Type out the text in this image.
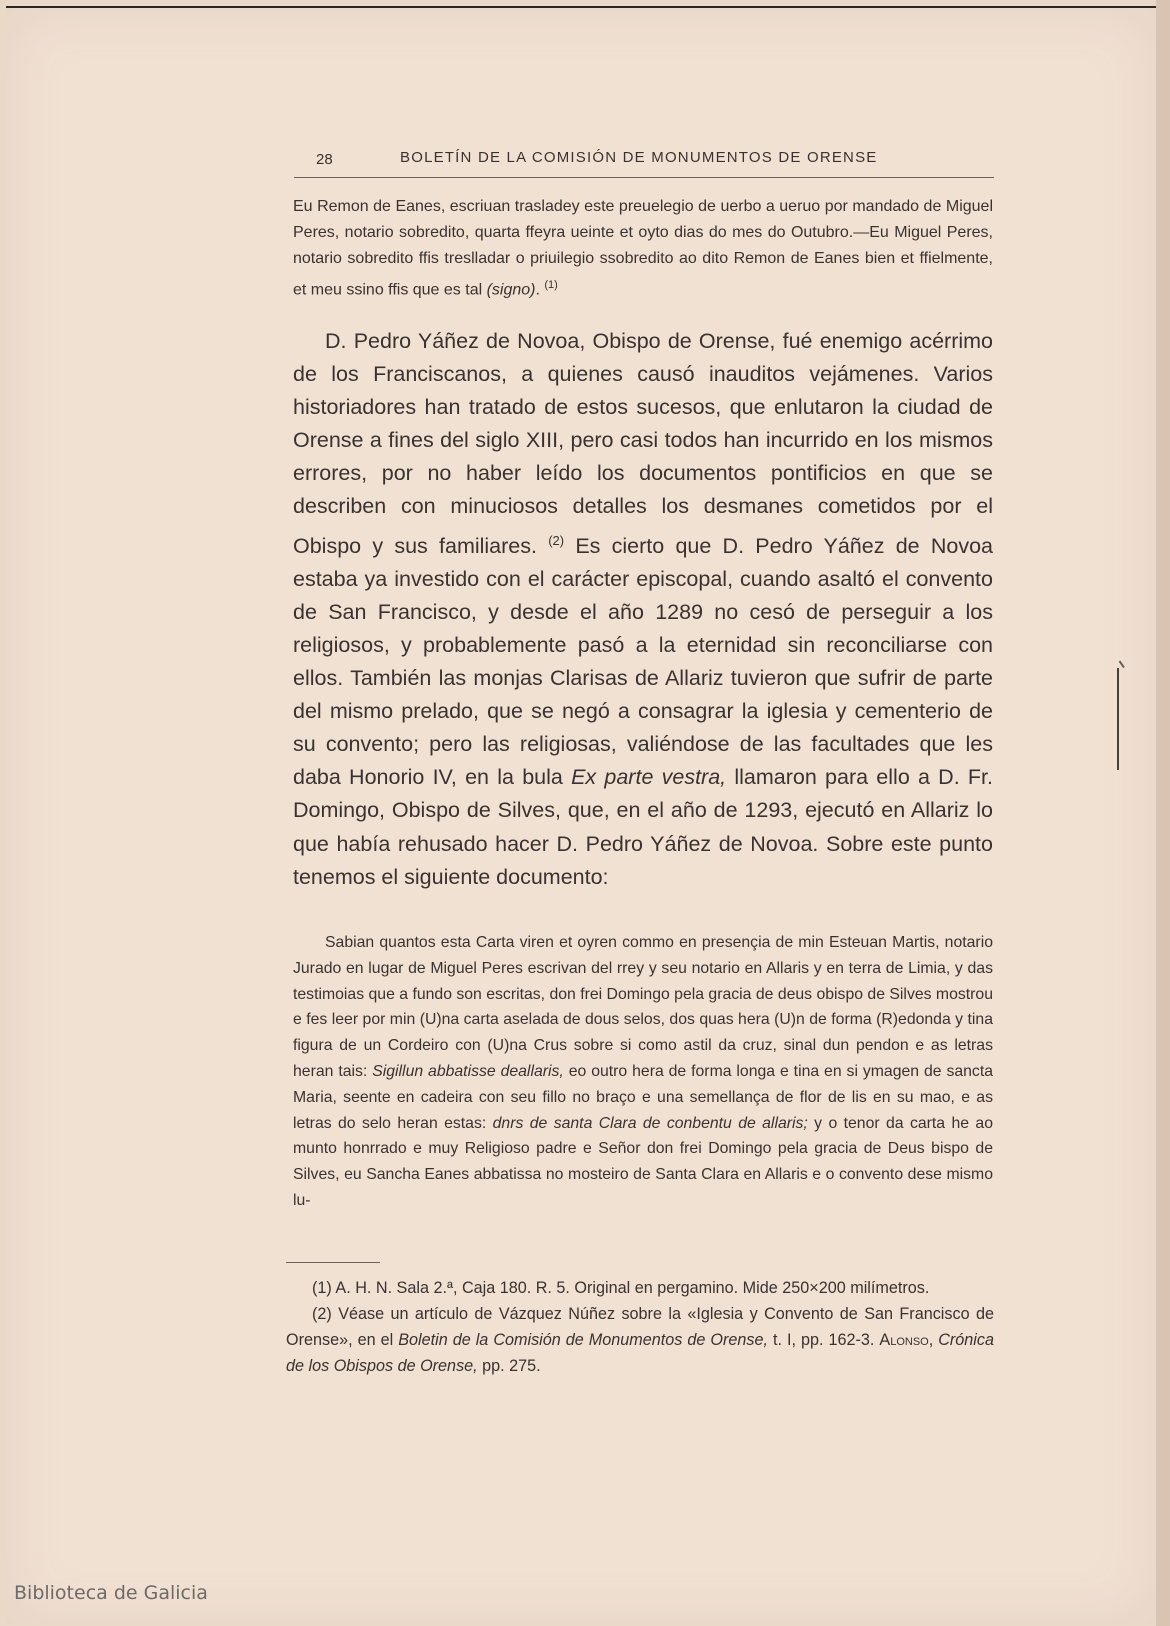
28	BOLETÍN DE LA COMISIÓN DE MONUMENTOS DE ORENSE

Eu Remon de Eanes, escriuan trasladey este preuelegio de uerbo a ueruo por mandado de Miguel Peres, notario sobredito, quarta ffeyra ueinte et oyto dias do mes do Outubro.—Eu Miguel Peres, notario sobredito ffis treslladar o priuilegio ssobredito ao dito Remon de Eanes bien et ffielmente, et meu ssino ffis que es tal (signo). $^{(1)}$

D. Pedro Yáñez de Novoa, Obispo de Orense, fué enemigo acérrimo de los Franciscanos, a quienes causó inauditos vejámenes. Varios historiadores han tratado de estos sucesos, que enlutaron la ciudad de Orense a fines del siglo XIII, pero casi todos han incurrido en los mismos errores, por no haber leído los documentos pontificios en que se describen con minuciosos detalles los desmanes cometidos por el Obispo y sus familiares. $^{(2)}$ Es cierto que D. Pedro Yáñez de Novoa estaba ya investido con el carácter episcopal, cuando asaltó el convento de San Francisco, y desde el año 1289 no cesó de perseguir a los religiosos, y probablemente pasó a la eternidad sin reconciliarse con ellos. También las monjas Clarisas de Allariz tuvieron que sufrir de parte del mismo prelado, que se negó a consagrar la iglesia y cementerio de su convento; pero las religiosas, valiéndose de las facultades que les daba Honorio IV, en la bula Ex parte vestra, llamaron para ello a D. Fr. Domingo, Obispo de Silves, que, en el año de 1293, ejecutó en Allariz lo que había rehusado hacer D. Pedro Yáñez de Novoa. Sobre este punto tenemos el siguiente documento:

Sabian quantos esta Carta viren et oyren commo en presençia de min Esteuan Martis, notario Jurado en lugar de Miguel Peres escrivan del rrey y seu notario en Allaris y en terra de Limia, y das testimoias que a fundo son escritas, don frei Domingo pela gracia de deus obispo de Silves mostrou e fes leer por min (U)na carta aselada de dous selos, dos quas hera (U)n de forma (R)edonda y tina figura de un Cordeiro con (U)na Crus sobre si como astil da cruz, sinal dun pendon e as letras heran tais: Sigillun abbatisse deallaris, eo outro hera de forma longa e tina en si ymagen de sancta Maria, seente en cadeira con seu fillo no braço e una semellança de flor de lis en su mao, e as letras do selo heran estas: dnrs de santa Clara de conbentu de allaris; y o tenor da carta he ao munto honrrado e muy Religioso padre e Señor don frei Domingo pela gracia de Deus bispo de Silves, eu Sancha Eanes abbatissa no mosteiro de Santa Clara en Allaris e o convento dese mismo lu-

(1) A. H. N. Sala 2.ª, Caja 180. R. 5. Original en pergamino. Mide 250×200 milímetros.

(2) Véase un artículo de Vázquez Núñez sobre la «Iglesia y Convento de San Francisco de Orense», en el Boletin de la Comisión de Monumentos de Orense, t. I, pp. 162-3. Alonso, Crónica de los Obispos de Orense, pp. 275.

Biblioteca de Galicia
